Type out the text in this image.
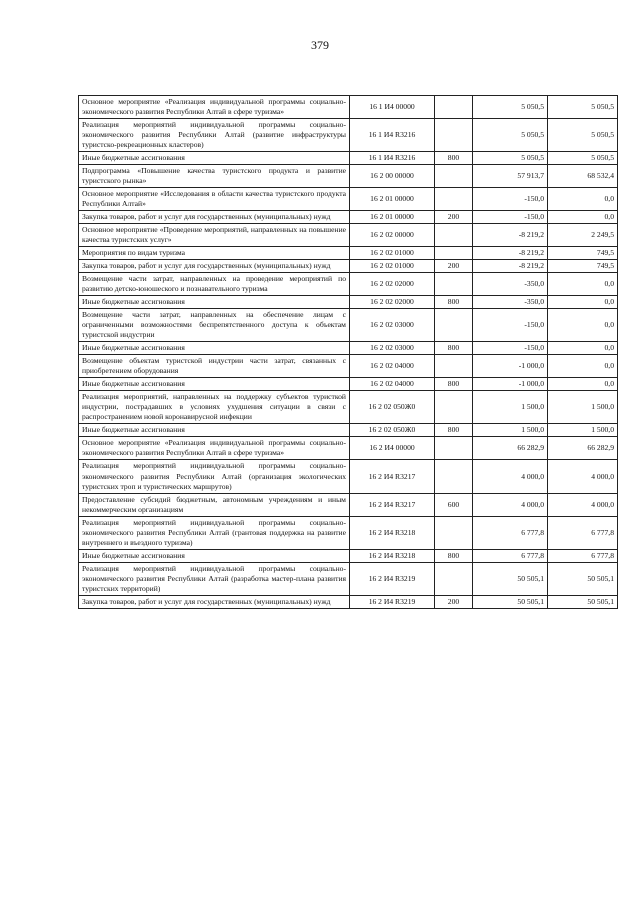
379
Основное мероприятие «Реализация индивидуальной программы социально-экономического развития Республики Алтай в сфере туризма»	16 1 И4 00000		5 050,5	5 050,5
Реализация мероприятий индивидуальной программы социально-экономического развития Республики Алтай (развитие инфраструктуры туристско-рекреационных кластеров)	16 1 И4 R3216		5 050,5	5 050,5
Иные бюджетные ассигнования	16 1 И4 R3216	800	5 050,5	5 050,5
Подпрограмма «Повышение качества туристского продукта и развитие туристского рынка»	16 2 00 00000		57 913,7	68 532,4
Основное мероприятие «Исследования в области качества туристского продукта Республики Алтай»	16 2 01 00000		-150,0	0,0
Закупка товаров, работ и услуг для государственных (муниципальных) нужд	16 2 01 00000	200	-150,0	0,0
Основное мероприятие «Проведение мероприятий, направленных на повышение качества туристских услуг»	16 2 02 00000		-8 219,2	2 249,5
Мероприятия по видам туризма	16 2 02 01000		-8 219,2	749,5
Закупка товаров, работ и услуг для государственных (муниципальных) нужд	16 2 02 01000	200	-8 219,2	749,5
Возмещение части затрат, направленных на проведение мероприятий по развитию детско-юношеского и познавательного туризма	16 2 02 02000		-350,0	0,0
Иные бюджетные ассигнования	16 2 02 02000	800	-350,0	0,0
Возмещение части затрат, направленных на обеспечение лицам с ограниченными возможностями беспрепятственного доступа к объектам туристской индустрии	16 2 02 03000		-150,0	0,0
Иные бюджетные ассигнования	16 2 02 03000	800	-150,0	0,0
Возмещение объектам туристской индустрии части затрат, связанных с приобретением оборудования	16 2 02 04000		-1 000,0	0,0
Иные бюджетные ассигнования	16 2 02 04000	800	-1 000,0	0,0
Реализация мероприятий, направленных на поддержку субъектов туристкой индустрии, пострадавших в условиях ухудшения ситуации в связи с распространением новой коронавирусной инфекции	16 2 02 050Ж0		1 500,0	1 500,0
Иные бюджетные ассигнования	16 2 02 050Ж0	800	1 500,0	1 500,0
Основное мероприятие «Реализация индивидуальной программы социально-экономического развития Республики Алтай в сфере туризма»	16 2 И4 00000		66 282,9	66 282,9
Реализация мероприятий индивидуальной программы социально-экономического развития Республики Алтай (организация экологических туристских троп и туристических маршрутов)	16 2 И4 R3217		4 000,0	4 000,0
Предоставление субсидий бюджетным, автономным учреждениям и иным некоммерческим организациям	16 2 И4 R3217	600	4 000,0	4 000,0
Реализация мероприятий индивидуальной программы социально-экономического развития Республики Алтай (грантовая поддержка на развитие внутреннего и въездного туризма)	16 2 И4 R3218		6 777,8	6 777,8
Иные бюджетные ассигнования	16 2 И4 R3218	800	6 777,8	6 777,8
Реализация мероприятий индивидуальной программы социально-экономического развития Республики Алтай (разработка мастер-плана развития туристских территорий)	16 2 И4 R3219		50 505,1	50 505,1
Закупка товаров, работ и услуг для государственных (муниципальных) нужд	16 2 И4 R3219	200	50 505,1	50 505,1
